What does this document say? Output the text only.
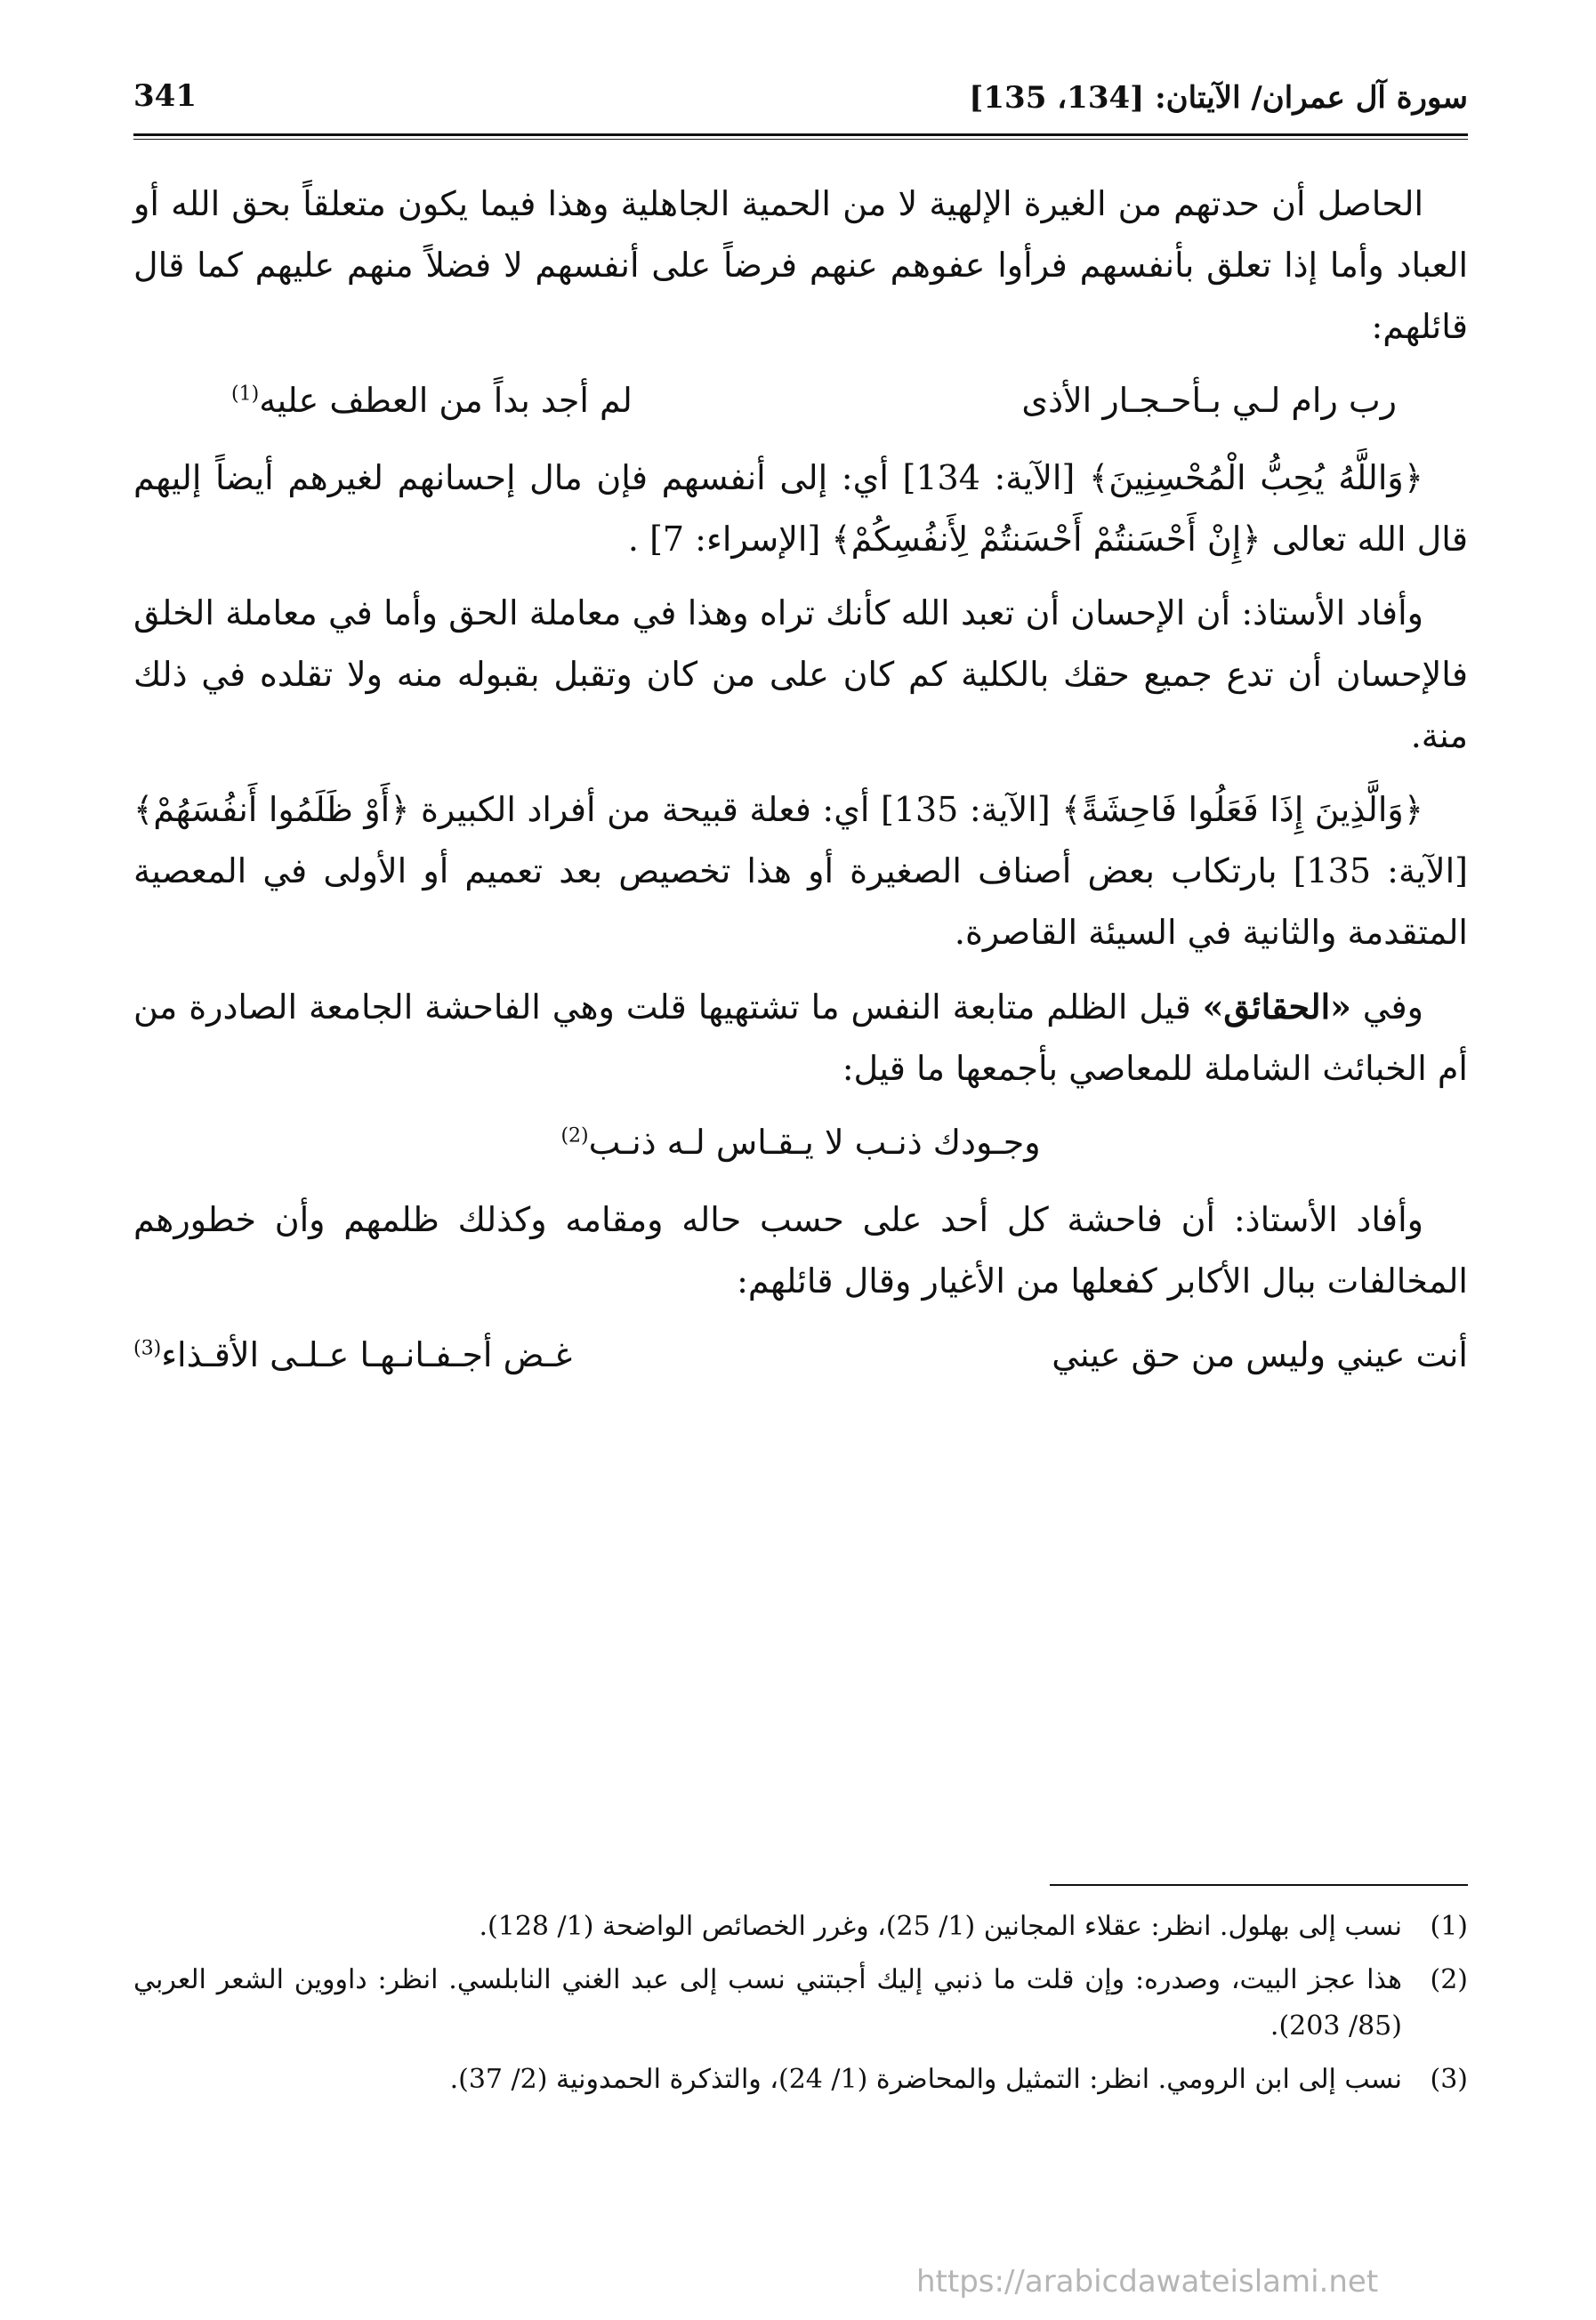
سورة آل عمران/ الآيتان: [134، 135]
341

الحاصل أن حدتهم من الغيرة الإلهية لا من الحمية الجاهلية وهذا فيما يكون متعلقاً بحق الله أو العباد وأما إذا تعلق بأنفسهم فرأوا عفوهم عنهم فرضاً على أنفسهم لا فضلاً منهم عليهم كما قال قائلهم:

رب رام لـي بـأحـجـار الأذى
لم أجد بداً من العطف عليه$^{(1)}$

﴿وَاللَّهُ يُحِبُّ الْمُحْسِنِينَ﴾ [الآية: 134] أي: إلى أنفسهم فإن مال إحسانهم لغيرهم أيضاً إليهم قال الله تعالى ﴿إِنْ أَحْسَنتُمْ أَحْسَنتُمْ لِأَنفُسِكُمْ﴾ [الإسراء: 7] .

وأفاد الأستاذ: أن الإحسان أن تعبد الله كأنك تراه وهذا في معاملة الحق وأما في معاملة الخلق فالإحسان أن تدع جميع حقك بالكلية كم كان على من كان وتقبل بقبوله منه ولا تقلده في ذلك منة.

﴿وَالَّذِينَ إِذَا فَعَلُوا فَاحِشَةً﴾ [الآية: 135] أي: فعلة قبيحة من أفراد الكبيرة ﴿أَوْ ظَلَمُوا أَنفُسَهُمْ﴾ [الآية: 135] بارتكاب بعض أصناف الصغيرة أو هذا تخصيص بعد تعميم أو الأولى في المعصية المتقدمة والثانية في السيئة القاصرة.

وفي «الحقائق» قيل الظلم متابعة النفس ما تشتهيها قلت وهي الفاحشة الجامعة الصادرة من أم الخبائث الشاملة للمعاصي بأجمعها ما قيل:

وجـودك ذنـب لا يـقـاس لـه ذنـب$^{(2)}$

وأفاد الأستاذ: أن فاحشة كل أحد على حسب حاله ومقامه وكذلك ظلمهم وأن خطورهم المخالفات ببال الأكابر كفعلها من الأغيار وقال قائلهم:

أنت عيني وليس من حق عيني
غـض أجـفـانـهـا عـلـى الأقـذاء$^{(3)}$
(1)
نسب إلى بهلول. انظر: عقلاء المجانين (1/ 25)، وغرر الخصائص الواضحة (1/ 128).
(2)
هذا عجز البيت، وصدره: وإن قلت ما ذنبي إليك أجبتني نسب إلى عبد الغني النابلسي. انظر: داووين الشعر العربي (85/ 203).
(3)
نسب إلى ابن الرومي. انظر: التمثيل والمحاضرة (1/ 24)، والتذكرة الحمدونية (2/ 37).
https://arabicdawateislami.net
